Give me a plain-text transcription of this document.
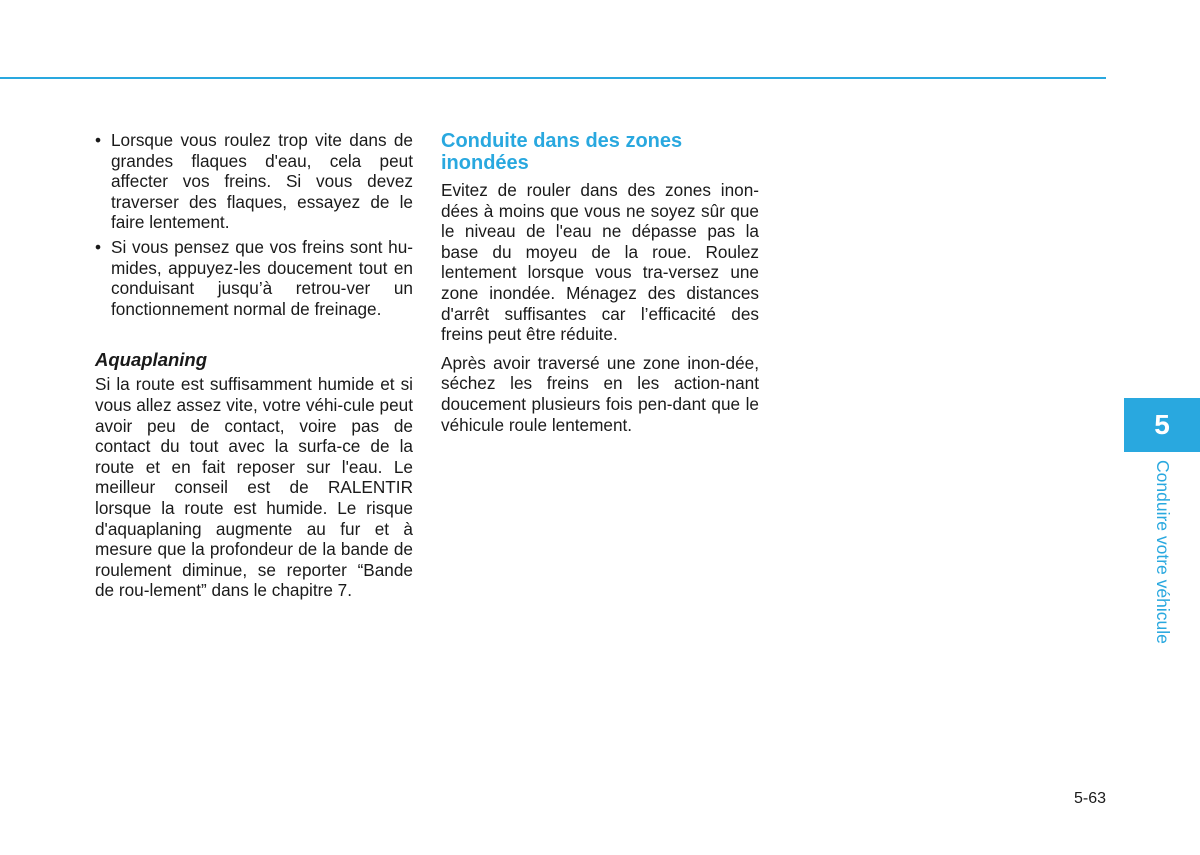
• Lorsque vous roulez trop vite dans de grandes flaques d'eau, cela peut affecter vos freins. Si vous devez traverser des flaques, essayez de le faire lentement.
• Si vous pensez que vos freins sont hu-mides, appuyez-les doucement tout en conduisant jusqu’à retrou-ver un fonctionnement normal de freinage.
Aquaplaning

Si la route est suffisamment humide et si vous allez assez vite, votre véhi-cule peut avoir peu de contact, voire pas de contact du tout avec la surfa-ce de la route et en fait reposer sur l'eau. Le meilleur conseil est de RALENTIR lorsque la route est humide. Le risque d'aquaplaning augmente au fur et à mesure que la profondeur de la bande de roulement diminue, se reporter “Bande de rou-lement” dans le chapitre 7.

Conduite dans des zones
inondées

Evitez de rouler dans des zones inon-dées à moins que vous ne soyez sûr que le niveau de l'eau ne dépasse pas la base du moyeu de la roue. Roulez lentement lorsque vous tra-versez une zone inondée. Ménagez des distances d'arrêt suffisantes car l’efficacité des freins peut être réduite.

Après avoir traversé une zone inon-dée, séchez les freins en les action-nant doucement plusieurs fois pen-dant que le véhicule roule lentement.	5
Conduire votre véhicule
5-63
